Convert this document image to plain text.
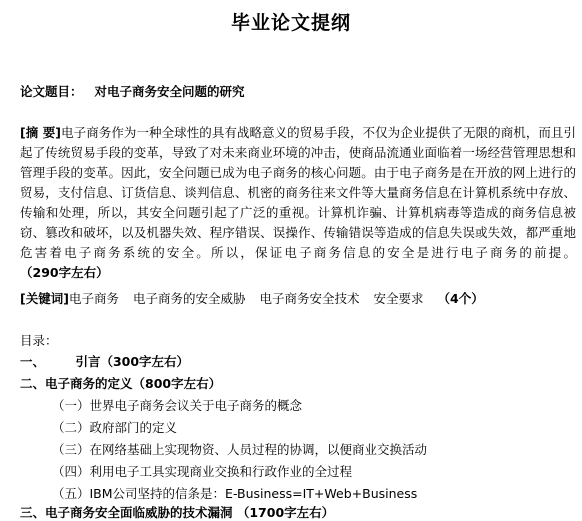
毕业论文提纲
论文题目： 对电子商务安全问题的研究
[摘 要]电子商务作为一种全球性的具有战略意义的贸易手段，不仅为企业提供了无限的商机，而且引起了传统贸易手段的变革，导致了对未来商业环境的冲击，使商品流通业面临着一场经营管理思想和管理手段的变革。因此，安全问题已成为电子商务的核心问题。由于电子商务是在开放的网上进行的贸易，支付信息、订货信息、谈判信息、机密的商务往来文件等大量商务信息在计算机系统中存放、传输和处理，所以，其安全问题引起了广泛的重视。计算机诈骗、计算机病毒等造成的商务信息被窃、篡改和破坏，以及机器失效、程序错误、误操作、传输错误等造成的信息失误或失效，都严重地危害着电子商务系统的安全。所以，保证电子商务信息的安全是进行电子商务的前提。（290字左右）
[关键词]电子商务 电子商务的安全威胁 电子商务安全技术 安全要求 （4个）
目录：
一、       引言（300字左右）
二、电子商务的定义（800字左右）
（一）世界电子商务会议关于电子商务的概念
（二）政府部门的定义
（三）在网络基础上实现物资、人员过程的协调，以便商业交换活动
（四）利用电子工具实现商业交换和行政作业的全过程
（五）IBM公司坚持的信条是：E-Business=IT+Web+Business
三、电子商务安全面临威胁的技术漏洞 （1700字左右）
